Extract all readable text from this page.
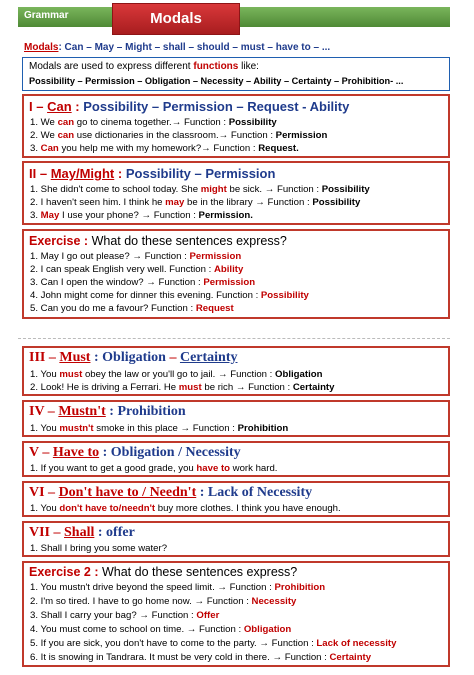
Grammar	Modals
Modals: Can – May – Might – shall – should – must – have to – ...
Modals are used to express different functions like:
Possibility – Permission – Obligation – Necessity – Ability – Certainty – Prohibition- ...
I – Can : Possibility – Permission – Request - Ability
1. We can go to cinema together.→ Function : Possibility
2. We can use dictionaries in the classroom.→ Function : Permission
3. Can you help me with my homework?→ Function : Request.
II – May/Might : Possibility – Permission
1. She didn't come to school today. She might be sick. → Function : Possibility
2. I haven't seen him. I think he may be in the library → Function : Possibility
3. May I use your phone? → Function : Permission.
Exercise : What do these sentences express?
1. May I go out please? → Function : Permission
2. I can speak English very well. Function : Ability
3. Can I open the window? → Function : Permission
4. John might come for dinner this evening. Function : Possibility
5. Can you do me a favour? Function : Request
III – Must : Obligation – Certainty
1. You must obey the law or you'll go to jail. → Function : Obligation
2. Look! He is driving a Ferrari. He must be rich → Function : Certainty
IV – Mustn't : Prohibition
1. You mustn't smoke in this place → Function : Prohibition
V – Have to : Obligation / Necessity
1. If you want to get a good grade, you have to work hard.
VI – Don't have to / Needn't : Lack of Necessity
1. You don't have to/needn't buy more clothes. I think you have enough.
VII – Shall : offer
1. Shall I bring you some water?
Exercise 2 : What do these sentences express?
1. You mustn't drive beyond the speed limit. → Function : Prohibition
2. I'm so tired. I have to go home now. → Function : Necessity
3. Shall I carry your bag? → Function : Offer
4. You must come to school on time. → Function : Obligation
5. If you are sick, you don't have to come to the party. → Function : Lack of necessity
6. It is snowing in Tandrara. It must be very cold in there. → Function : Certainty
